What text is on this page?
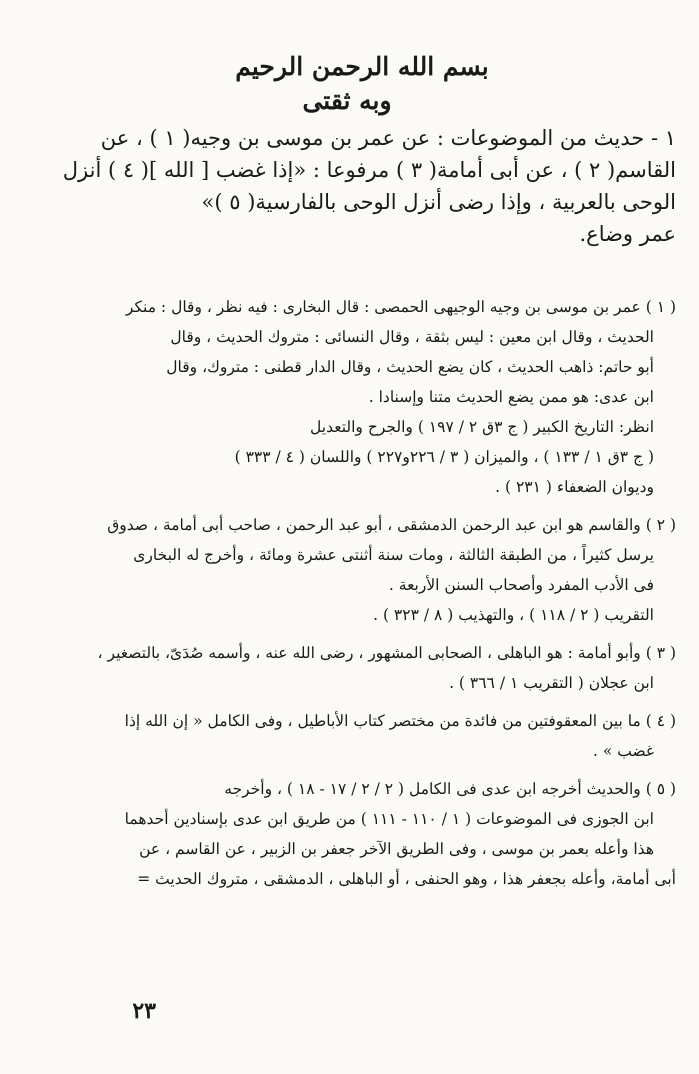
بسم الله الرحمن الرحيم
وبه ثقتى

١ - حديث من الموضوعات : عن عمر بن موسى بن وجيه( ١ ) ، عن

القاسم( ٢ ) ، عن أبى أمامة( ٣ ) مرفوعا : «إذا غضب [ الله ]( ٤ ) أنزل

الوحى بالعربية ، وإذا رضى أنزل الوحى بالفارسية( ٥ )»

عمر وضاع.

( ١ ) عمر بن موسى بن وجيه الوجيهى الحمصى : قال البخارى : فيه نظر ، وقال : منكر

الحديث ، وقال ابن معين : ليس بثقة ، وقال النسائى : متروك الحديث ، وقال

أبو حاتم: ذاهب الحديث ، كان يضع الحديث ، وقال الدار قطنى : متروك، وقال

ابن عدى: هو ممن يضع الحديث متنا وإسنادا .

انظر: التاريخ الكبير ( ج ٣ق ٢ / ١٩٧ ) والجرح والتعديل

( ج ٣ق ١ / ١٣٣ ) ، والميزان ( ٣ / ٢٢٦و٢٢٧ ) واللسان ( ٤ / ٣٣٣ )

وديوان الضعفاء ( ٢٣١ ) .

( ٢ ) والقاسم هو ابن عبد الرحمن الدمشقى ، أبو عبد الرحمن ، صاحب أبى أمامة ، صدوق

يرسل كثيراً ، من الطبقة الثالثة ، ومات سنة أثنتى عشرة ومائة ، وأخرج له البخارى

فى الأدب المفرد وأصحاب السنن الأربعة .

التقريب ( ٢ / ١١٨ ) ، والتهذيب ( ٨ / ٣٢٣ ) .

( ٣ ) وأبو أمامة : هو الباهلى ، الصحابى المشهور ، رضى الله عنه ، وأسمه صُدَىّ، بالتصغير ،

ابن عجلان ( التقريب ١ / ٣٦٦ ) .

( ٤ ) ما بين المعقوفتين من فائدة من مختصر كتاب الأباطيل ، وفى الكامل « إن الله إذا

غضب » .

( ٥ ) والحديث أخرجه ابن عدى فى الكامل ( ٢ / ٢ / ١٧ - ١٨ ) ، وأخرجه

ابن الجوزى فى الموضوعات ( ١ / ١١٠ - ١١١ ) من طريق ابن عدى بإسنادين أحدهما

هذا وأعله بعمر بن موسى ، وفى الطريق الآخر جعفر بن الزبير ، عن القاسم ، عن

أبى أمامة، وأعله بجعفر هذا ، وهو الحنفى ، أو الباهلى ، الدمشقى ، متروك الحديث =

٢٣
